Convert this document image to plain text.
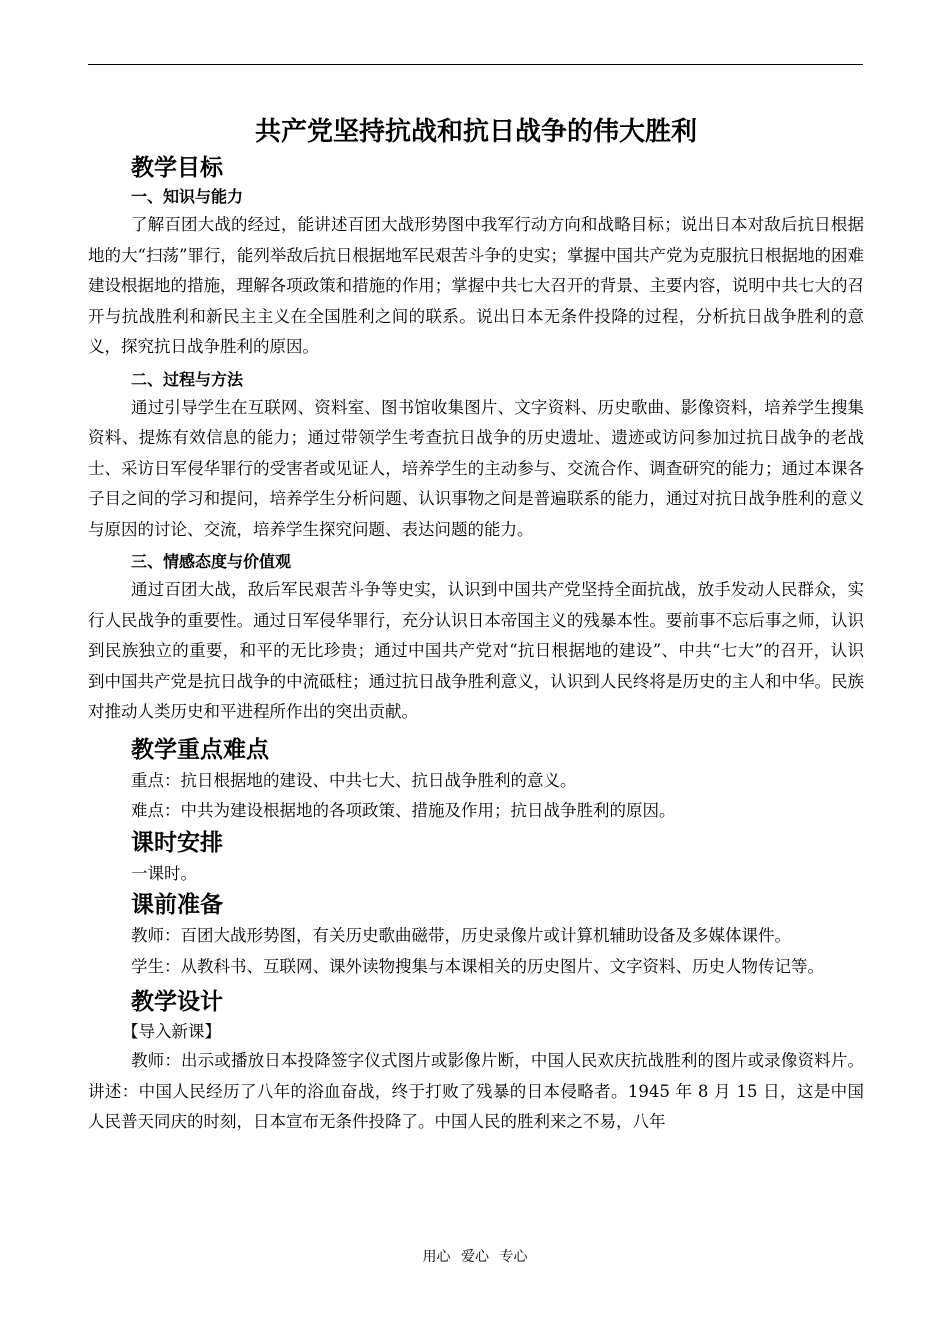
共产党坚持抗战和抗日战争的伟大胜利
教学目标
一、知识与能力

了解百团大战的经过，能讲述百团大战形势图中我军行动方向和战略目标；说出日本对敌后抗日根据地的大“扫荡”罪行，能列举敌后抗日根据地军民艰苦斗争的史实；掌握中国共产党为克服抗日根据地的困难建设根据地的措施，理解各项政策和措施的作用；掌握中共七大召开的背景、主要内容，说明中共七大的召开与抗战胜利和新民主主义在全国胜利之间的联系。说出日本无条件投降的过程，分析抗日战争胜利的意义，探究抗日战争胜利的原因。

二、过程与方法

通过引导学生在互联网、资料室、图书馆收集图片、文字资料、历史歌曲、影像资料，培养学生搜集资料、提炼有效信息的能力；通过带领学生考查抗日战争的历史遗址、遗迹或访问参加过抗日战争的老战士、采访日军侵华罪行的受害者或见证人，培养学生的主动参与、交流合作、调查研究的能力；通过本课各子目之间的学习和提问，培养学生分析问题、认识事物之间是普遍联系的能力，通过对抗日战争胜利的意义与原因的讨论、交流，培养学生探究问题、表达问题的能力。

三、情感态度与价值观

通过百团大战，敌后军民艰苦斗争等史实，认识到中国共产党坚持全面抗战，放手发动人民群众，实行人民战争的重要性。通过日军侵华罪行，充分认识日本帝国主义的残暴本性。要前事不忘后事之师，认识到民族独立的重要，和平的无比珍贵；通过中国共产党对“抗日根据地的建设”、中共“七大”的召开，认识到中国共产党是抗日战争的中流砥柱；通过抗日战争胜利意义，认识到人民终将是历史的主人和中华。民族对推动人类历史和平进程所作出的突出贡献。

教学重点难点

重点：抗日根据地的建设、中共七大、抗日战争胜利的意义。

难点：中共为建设根据地的各项政策、措施及作用；抗日战争胜利的原因。

课时安排

一课时。

课前准备

教师：百团大战形势图，有关历史歌曲磁带，历史录像片或计算机辅助设备及多媒体课件。

学生：从教科书、互联网、课外读物搜集与本课相关的历史图片、文字资料、历史人物传记等。

教学设计
【导入新课】

教师：出示或播放日本投降签字仪式图片或影像片断，中国人民欢庆抗战胜利的图片或录像资料片。讲述：中国人民经历了八年的浴血奋战，终于打败了残暴的日本侵略者。1945 年 8 月 15 日，这是中国人民普天同庆的时刻，日本宣布无条件投降了。中国人民的胜利来之不易，八年

用心 爱心 专心
